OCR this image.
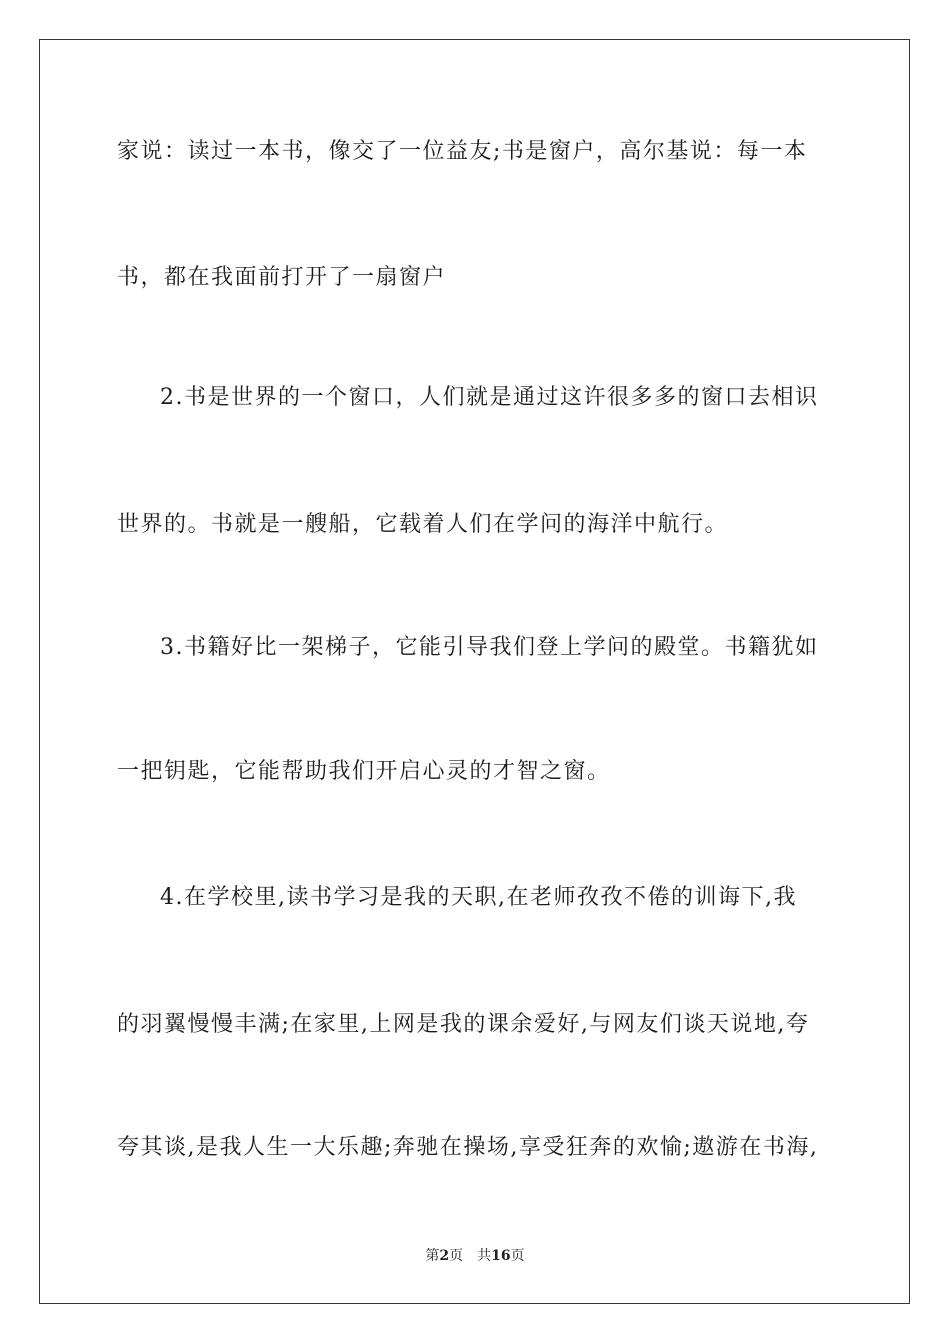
家说：读过一本书，像交了一位益友;书是窗户，高尔基说：每一本
书，都在我面前打开了一扇窗户
2.书是世界的一个窗口，人们就是通过这许很多多的窗口去相识
世界的。书就是一艘船，它载着人们在学问的海洋中航行。
3.书籍好比一架梯子，它能引导我们登上学问的殿堂。书籍犹如
一把钥匙，它能帮助我们开启心灵的才智之窗。
4.在学校里,读书学习是我的天职,在老师孜孜不倦的训诲下,我
的羽翼慢慢丰满;在家里,上网是我的课余爱好,与网友们谈天说地,夸
夸其谈,是我人生一大乐趣;奔驰在操场,享受狂奔的欢愉;遨游在书海,
第2页 共16页
